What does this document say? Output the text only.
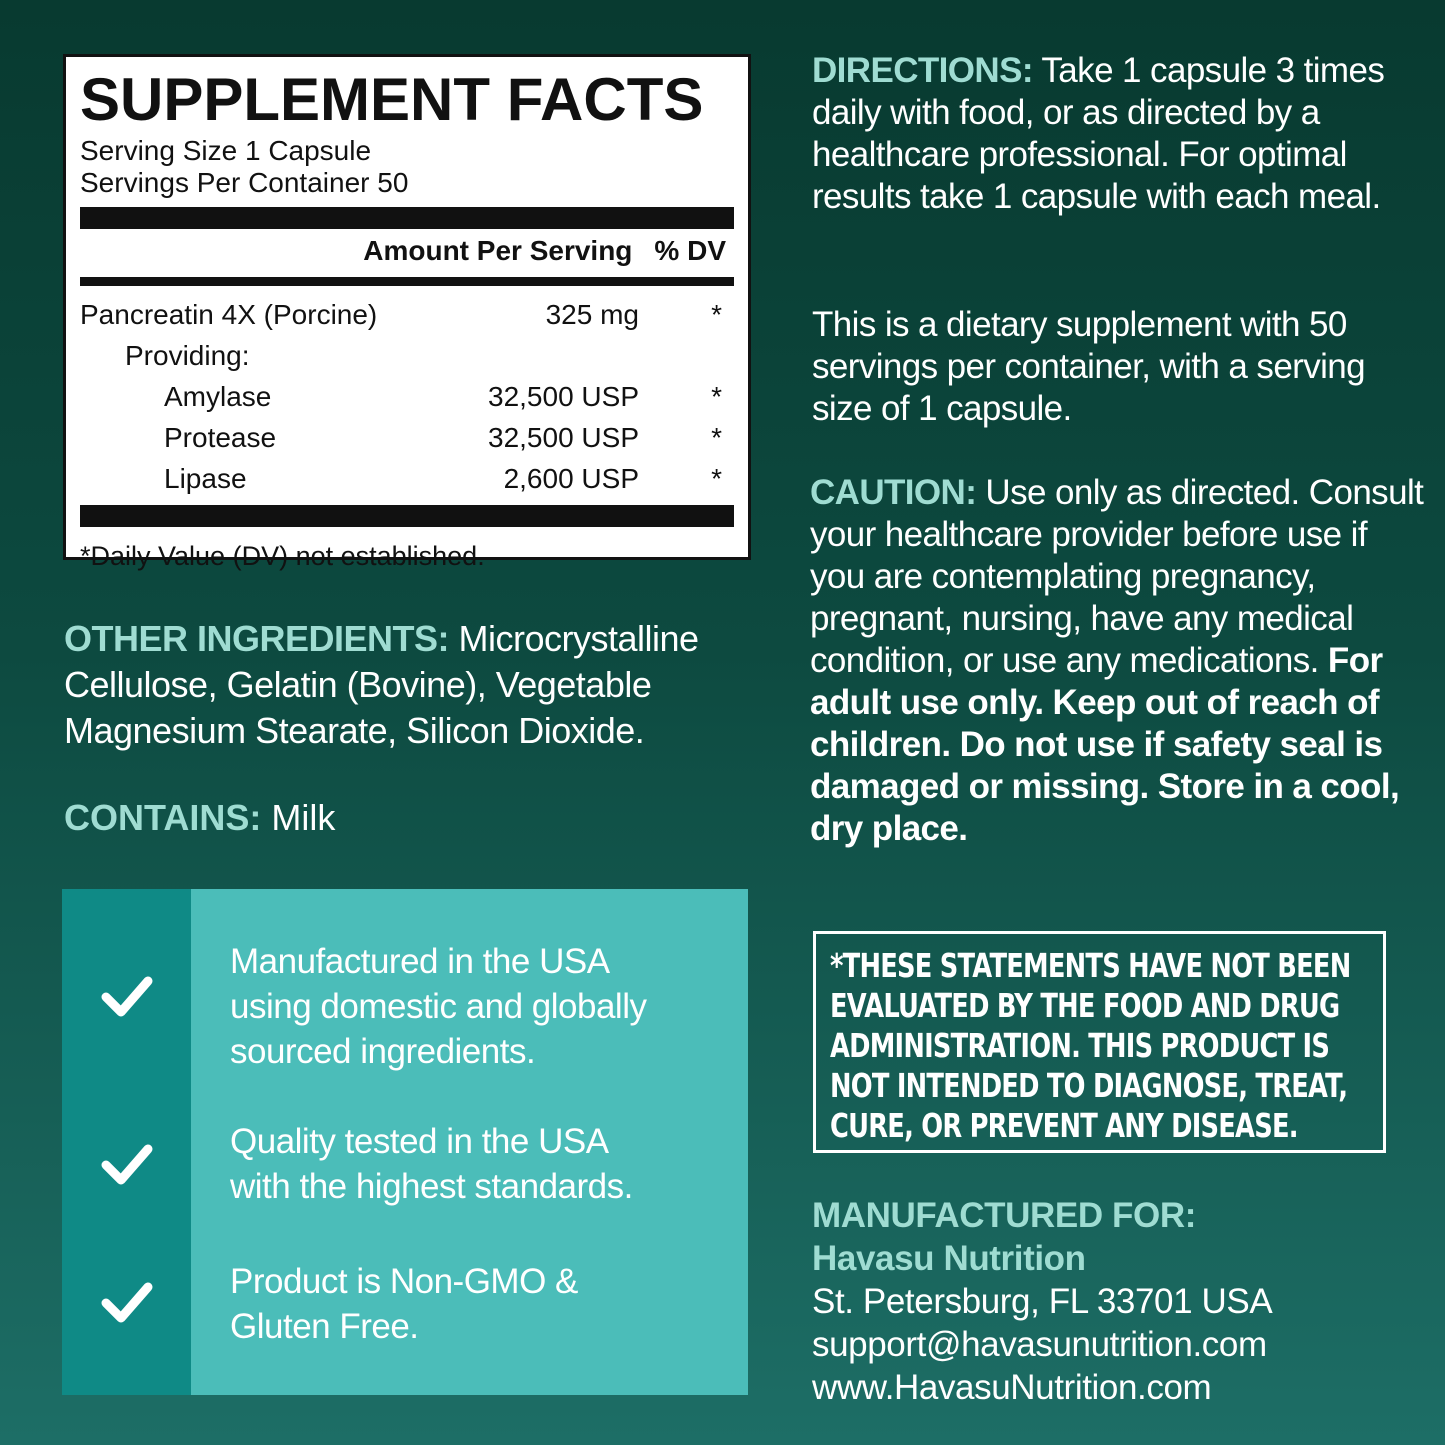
SUPPLEMENT FACTS
Serving Size 1 Capsule
Servings Per Container 50
Amount Per Serving % DV
Pancreatin 4X (Porcine)	325 mg	*
Providing:
Amylase	32,500 USP	*
Protease	32,500 USP	*
Lipase	2,600 USP	*
*Daily Value (DV) not established.
OTHER INGREDIENTS: Microcrystalline Cellulose, Gelatin (Bovine), Vegetable Magnesium Stearate, Silicon Dioxide.
CONTAINS: Milk
Manufactured in the USA
using domestic and globally
sourced ingredients.
Quality tested in the USA
with the highest standards.
Product is Non-GMO &
Gluten Free.
DIRECTIONS: Take 1 capsule 3 times daily with food, or as directed by a healthcare professional. For optimal results take 1 capsule with each meal.
This is a dietary supplement with 50 servings per container, with a serving size of 1 capsule.
CAUTION: Use only as directed. Consult your healthcare provider before use if you are contemplating pregnancy, pregnant, nursing, have any medical condition, or use any medications. For adult use only. Keep out of reach of children. Do not use if safety seal is damaged or missing. Store in a cool, dry place.
*THESE STATEMENTS HAVE NOT BEEN
EVALUATED BY THE FOOD AND DRUG
ADMINISTRATION. THIS PRODUCT IS
NOT INTENDED TO DIAGNOSE, TREAT,
CURE, OR PREVENT ANY DISEASE.
MANUFACTURED FOR:
Havasu Nutrition
St. Petersburg, FL 33701 USA
support@havasunutrition.com
www.HavasuNutrition.com
